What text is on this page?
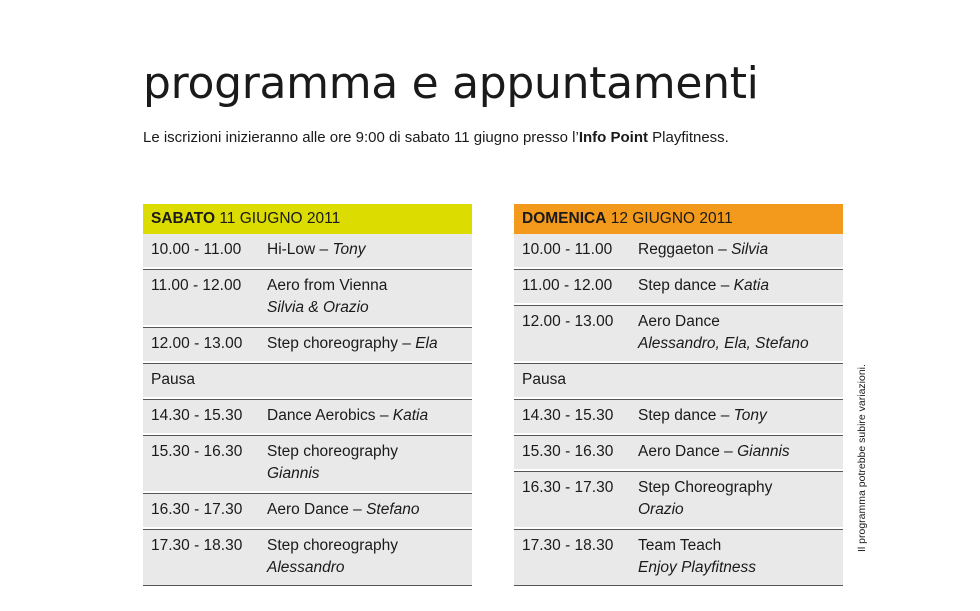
programma e appuntamenti
Le iscrizioni inizieranno alle ore 9:00 di sabato 11 giugno presso l’Info Point Playfitness.
SABATO 11 GIUGNO 2011
10.00 - 11.00	Hi-Low – Tony
11.00 - 12.00	Aero from Vienna
Silvia & Orazio
12.00 - 13.00	Step choreography – Ela
Pausa
14.30 - 15.30	Dance Aerobics – Katia
15.30 - 16.30	Step choreography
Giannis
16.30 - 17.30	Aero Dance – Stefano
17.30 - 18.30	Step choreography
Alessandro
DOMENICA 12 GIUGNO 2011
10.00 - 11.00	Reggaeton – Silvia
11.00 - 12.00	Step dance – Katia
12.00 - 13.00	Aero Dance
Alessandro, Ela, Stefano
Pausa
14.30 - 15.30	Step dance – Tony
15.30 - 16.30	Aero Dance – Giannis
16.30 - 17.30	Step Choreography
Orazio
17.30 - 18.30	Team Teach
Enjoy Playfitness
Il programma potrebbe subire variazioni.
